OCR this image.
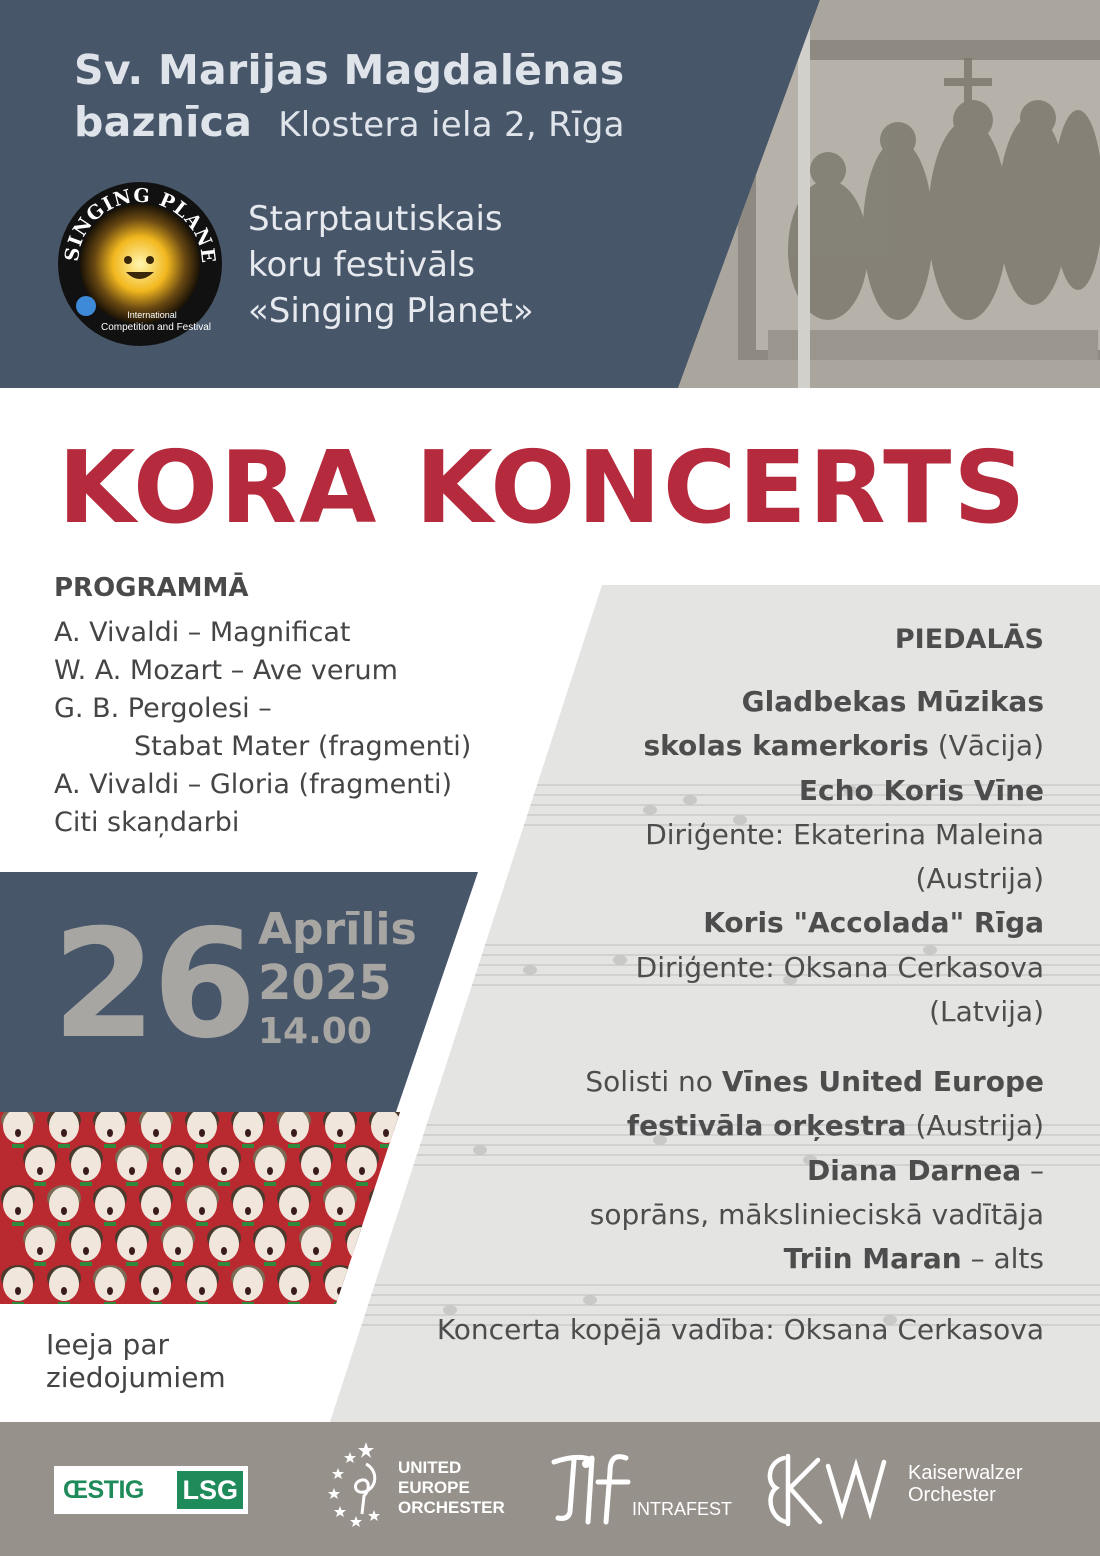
Sv. Marijas Magdalēnas
baznīca Klostera iela 2, Rīga
SINGING PLANE
International
Competition and Festival
Starptautiskais
koru festivāls
«Singing Planet»
KORA KONCERTS
PROGRAMMĀ
A. Vivaldi – Magnificat
W. A. Mozart – Ave verum
G. B. Pergolesi –
Stabat Mater (fragmenti)
A. Vivaldi – Gloria (fragmenti)
Citi skaņdarbi
26 Aprīlis
2025
14.00
Ieeja par
ziedojumiem
PIEDALĀS
Gladbekas Mūzikas
skolas kamerkoris (Vācija)
Echo Koris Vīne
Diriģente: Ekaterina Maleina
(Austrija)
Koris "Accolada" Rīga
Diriģente: Oksana Cerkasova
(Latvija)
Solisti no Vīnes United Europe
festivāla orķestra (Austrija)
Diana Darnea –
soprāns, mākslinieciskā vadītāja
Triin Maran – alts
Koncerta kopējā vadība: Oksana Cerkasova
ŒSTIG LSG
UNITED
EUROPE
ORCHESTER	INTRAFEST
Kaiserwalzer
Orchester
